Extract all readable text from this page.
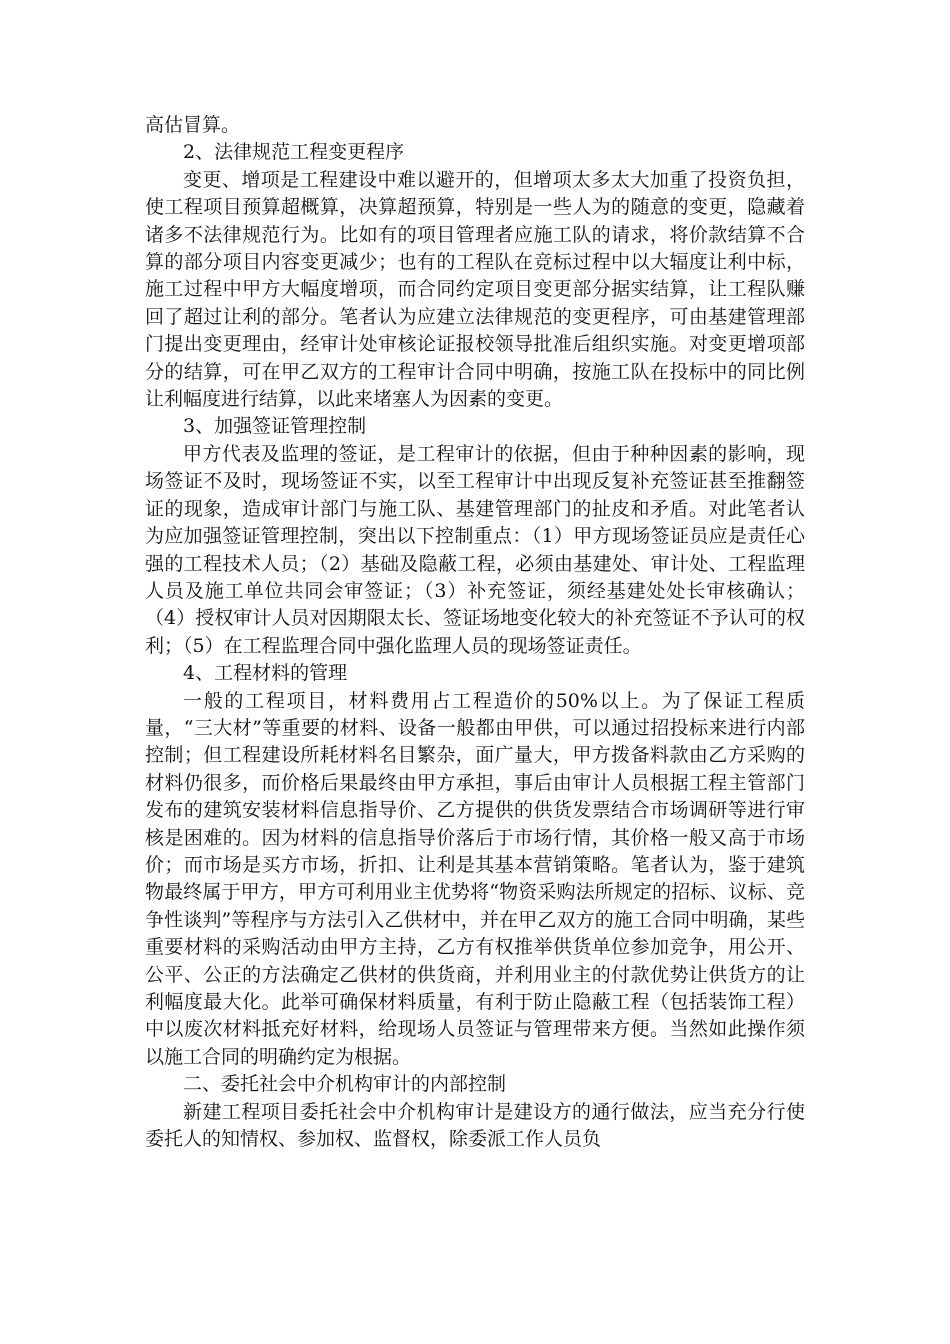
高估冒算。

2、法律规范工程变更程序

变更、增项是工程建设中难以避开的，但增项太多太大加重了投资负担，使工程项目预算超概算，决算超预算，特别是一些人为的随意的变更，隐藏着诸多不法律规范行为。比如有的项目管理者应施工队的请求，将价款结算不合算的部分项目内容变更减少；也有的工程队在竞标过程中以大辐度让利中标，施工过程中甲方大幅度增项，而合同约定项目变更部分据实结算，让工程队赚回了超过让利的部分。笔者认为应建立法律规范的变更程序，可由基建管理部门提出变更理由，经审计处审核论证报校领导批准后组织实施。对变更增项部分的结算，可在甲乙双方的工程审计合同中明确，按施工队在投标中的同比例让利幅度进行结算，以此来堵塞人为因素的变更。

3、加强签证管理控制

甲方代表及监理的签证，是工程审计的依据，但由于种种因素的影响，现场签证不及时，现场签证不实，以至工程审计中出现反复补充签证甚至推翻签证的现象，造成审计部门与施工队、基建管理部门的扯皮和矛盾。对此笔者认为应加强签证管理控制，突出以下控制重点：（1）甲方现场签证员应是责任心强的工程技术人员；（2）基础及隐蔽工程，必须由基建处、审计处、工程监理人员及施工单位共同会审签证；（3）补充签证，须经基建处处长审核确认；（4）授权审计人员对因期限太长、签证场地变化较大的补充签证不予认可的权利；（5）在工程监理合同中强化监理人员的现场签证责任。

4、工程材料的管理

一般的工程项目，材料费用占工程造价的50%以上。为了保证工程质量，“三大材”等重要的材料、设备一般都由甲供，可以通过招投标来进行内部控制；但工程建设所耗材料名目繁杂，面广量大，甲方拨备料款由乙方采购的材料仍很多，而价格后果最终由甲方承担，事后由审计人员根据工程主管部门发布的建筑安装材料信息指导价、乙方提供的供货发票结合市场调研等进行审核是困难的。因为材料的信息指导价落后于市场行情，其价格一般又高于市场价；而市场是买方市场，折扣、让利是其基本营销策略。笔者认为，鉴于建筑物最终属于甲方，甲方可利用业主优势将“物资采购法所规定的招标、议标、竞争性谈判”等程序与方法引入乙供材中，并在甲乙双方的施工合同中明确，某些重要材料的采购活动由甲方主持，乙方有权推举供货单位参加竞争，用公开、公平、公正的方法确定乙供材的供货商，并利用业主的付款优势让供货方的让利幅度最大化。此举可确保材料质量，有利于防止隐蔽工程（包括装饰工程）中以废次材料抵充好材料，给现场人员签证与管理带来方便。当然如此操作须以施工合同的明确约定为根据。

二、委托社会中介机构审计的内部控制

新建工程项目委托社会中介机构审计是建设方的通行做法，应当充分行使委托人的知情权、参加权、监督权，除委派工作人员负
